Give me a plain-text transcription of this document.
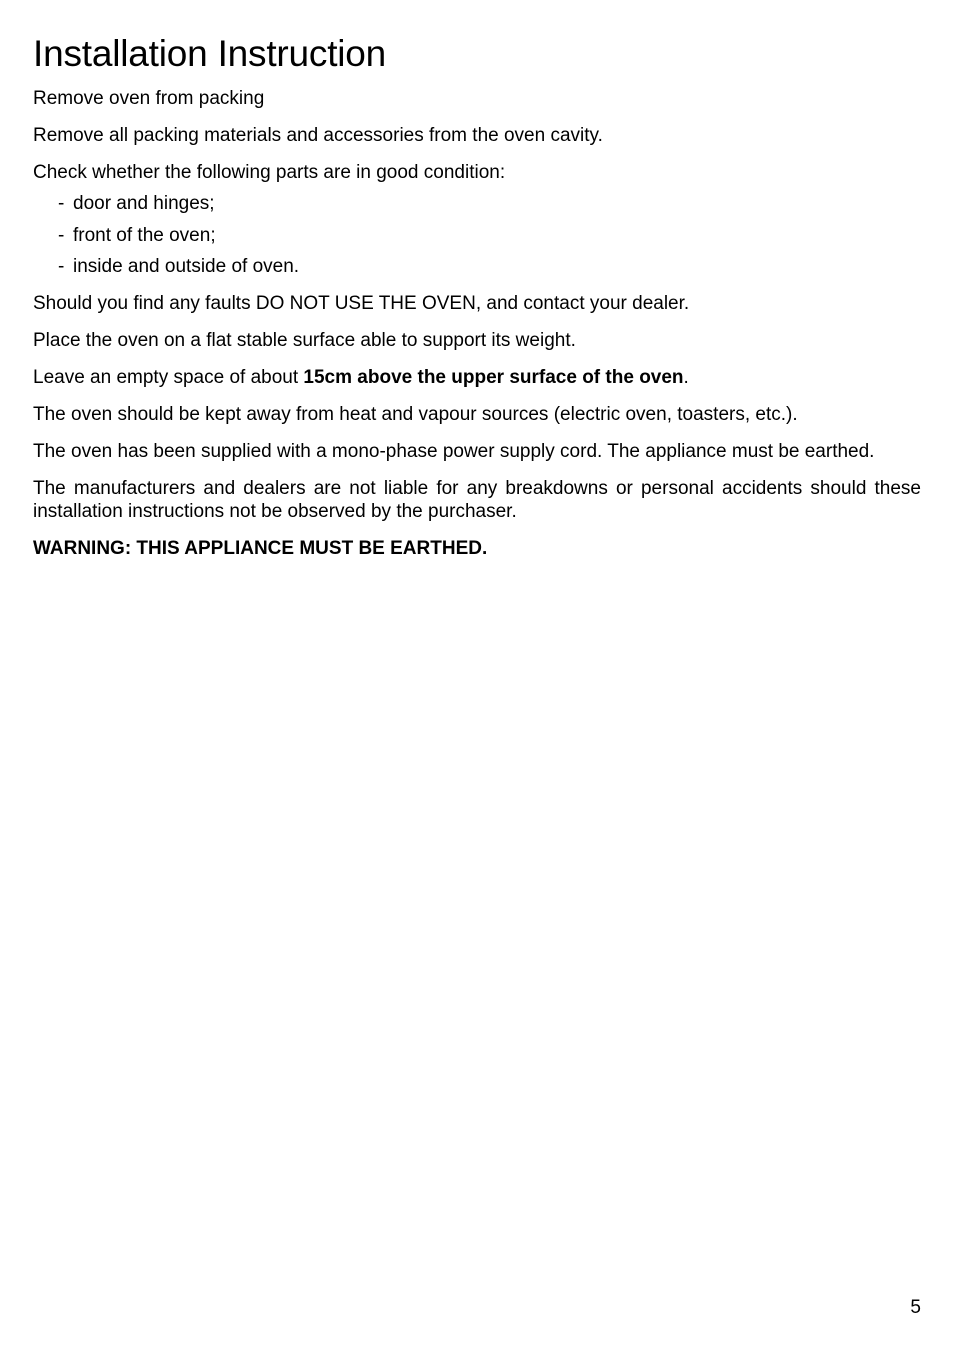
Installation Instruction

Remove oven from packing

Remove all packing materials and accessories from the oven cavity.

Check whether the following parts are in good condition:

- door and hinges;
- front of the oven;
- inside and outside of oven.

Should you find any faults DO NOT USE THE OVEN, and contact your dealer.

Place the oven on a flat stable surface able to support its weight.

Leave an empty space of about 15cm above the upper surface of the oven.

The oven should be kept away from heat and vapour sources (electric oven, toasters, etc.).

The oven has been supplied with a mono-phase power supply cord. The appliance must be earthed.

The manufacturers and dealers are not liable for any breakdowns or personal accidents should these installation instructions not be observed by the purchaser.

WARNING: THIS APPLIANCE MUST BE EARTHED.

5
